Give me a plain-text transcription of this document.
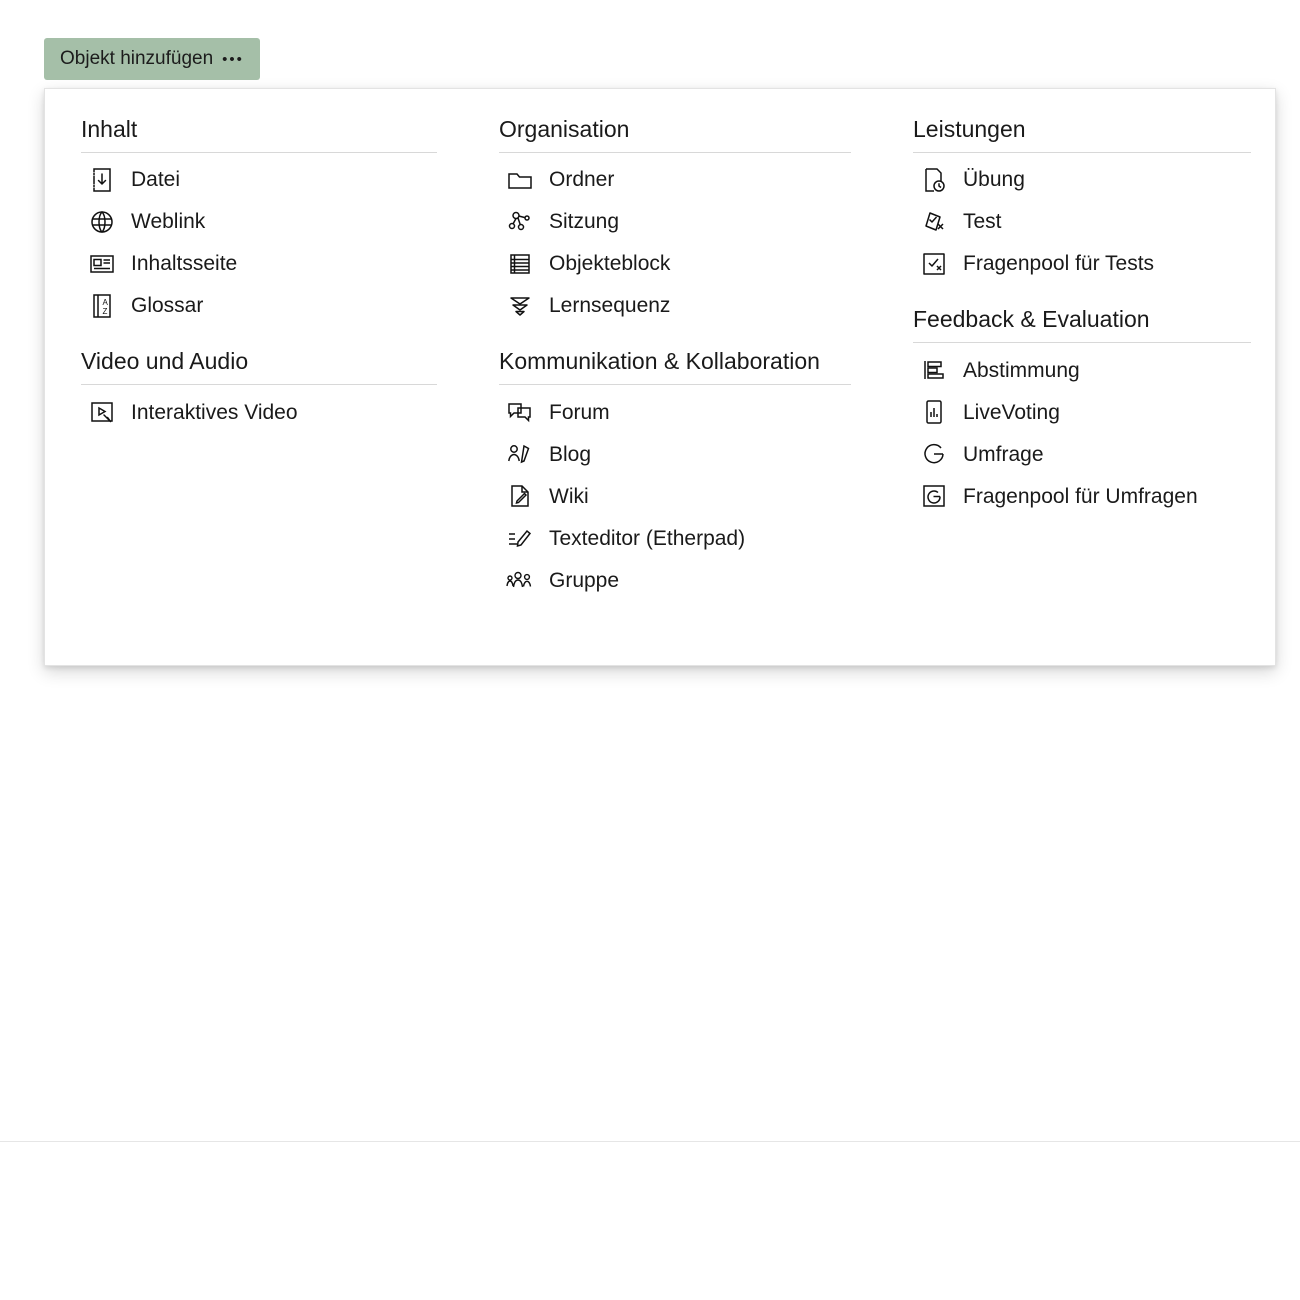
Objekt hinzufügen •••
Inhalt
Datei
Weblink
Inhaltsseite
A
Z Glossar
Video und Audio
Interaktives Video
Organisation
Ordner
Sitzung
Objekteblock
Lernsequenz
Kommunikation & Kollaboration
Forum
Blog
Wiki
Texteditor (Etherpad)
Gruppe
Leistungen
Übung
Test
Fragenpool für Tests
Feedback & Evaluation
Abstimmung
LiveVoting
Umfrage
Fragenpool für Umfragen
